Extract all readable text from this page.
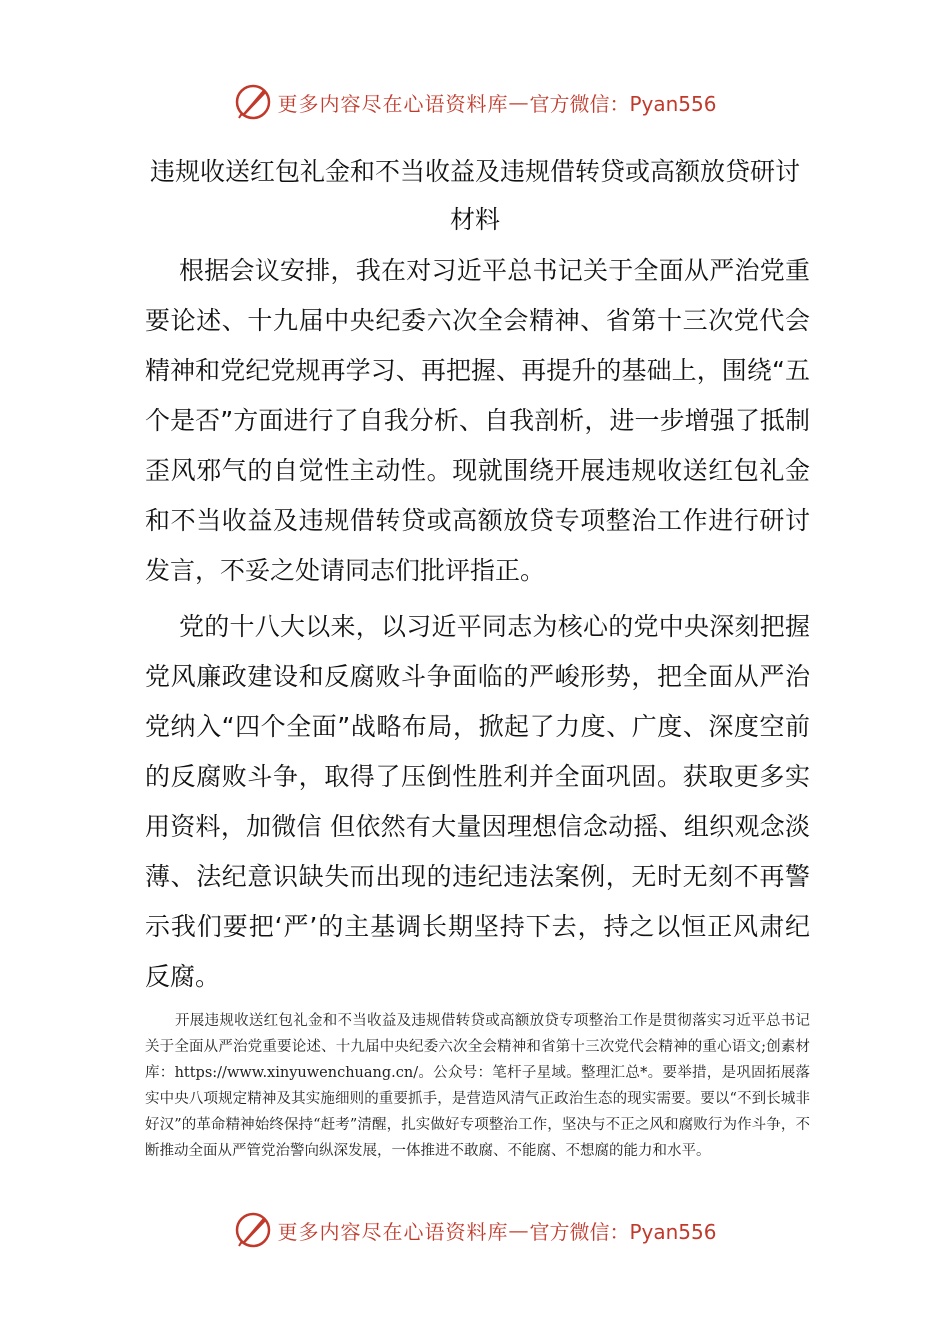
更多内容尽在心语资料库 — 官方微信：Pyan556
违规收送红包礼金和不当收益及违规借转贷或高额放贷研讨材料

根据会议安排，我在对习近平总书记关于全面从严治党重要论述、十九届中央纪委六次全会精神、省第十三次党代会精神和党纪党规再学习、再把握、再提升的基础上，围绕“五个是否”方面进行了自我分析、自我剖析，进一步增强了抵制歪风邪气的自觉性主动性。现就围绕开展违规收送红包礼金和不当收益及违规借转贷或高额放贷专项整治工作进行研讨发言，不妥之处请同志们批评指正。

党的十八大以来，以习近平同志为核心的党中央深刻把握党风廉政建设和反腐败斗争面临的严峻形势，把全面从严治党纳入“四个全面”战略布局，掀起了力度、广度、深度空前的反腐败斗争，取得了压倒性胜利并全面巩固。获取更多实用资料，加微信 但依然有大量因理想信念动摇、组织观念淡薄、法纪意识缺失而出现的违纪违法案例，无时无刻不再警示我们要把‘严’的主基调长期坚持下去，持之以恒正风肃纪反腐。

开展违规收送红包礼金和不当收益及违规借转贷或高额放贷专项整治工作是贯彻落实习近平总书记关于全面从严治党重要论述、十九届中央纪委六次全会精神和省第十三次党代会精神的重心语文;创素材库：https://www.xinyuwenchuang.cn/。公众号：笔杆子星域。整理汇总*。要举措，是巩固拓展落实中央八项规定精神及其实施细则的重要抓手，是营造风清气正政治生态的现实需要。要以“不到长城非好汉”的革命精神始终保持“赶考”清醒，扎实做好专项整治工作，坚决与不正之风和腐败行为作斗争，不断推动全面从严管党治警向纵深发展，一体推进不敢腐、不能腐、不想腐的能力和水平。

更多内容尽在心语资料库 — 官方微信：Pyan556
